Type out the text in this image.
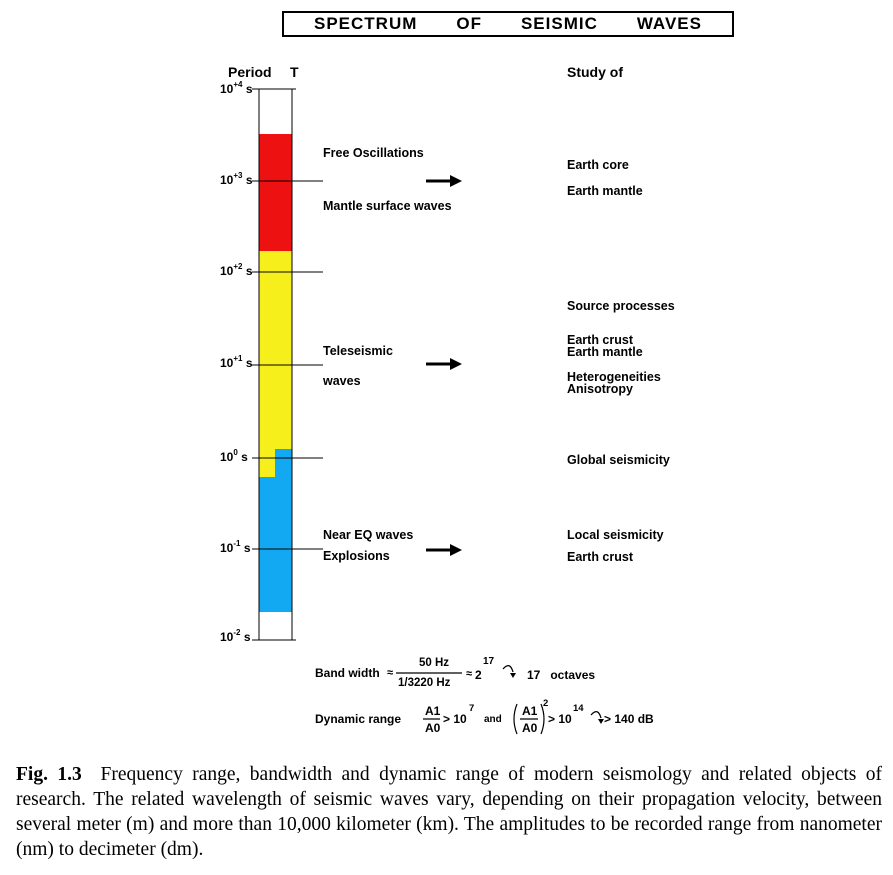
SPECTRUM OF SEISMIC WAVES
Period T	Study of
$10^{+4}$ s
$10^{+3}$ s
$10^{+2}$ s
$10^{+1}$ s
$10^0$ s
$10^{-1}$ s
$10^{-2}$ s
Free Oscillations
Mantle surface waves
Teleseismic
waves
Near EQ waves
Explosions
Earth core
Earth mantle
Source processes
Earth crust
Earth mantle
Heterogeneities
Anisotropy
Global seismicity
Local seismicity
Earth crust
Band width ≈
50 Hz
1/3220 Hz
≈ 2
17
17   octaves
Dynamic range
A1
A0
> 10
7
and
A1
A0
2
> 10
14
> 140 dB
Fig. 1.3 Frequency range, bandwidth and dynamic range of modern seismology and related objects of research. The related wavelength of seismic waves vary, depending on their propagation velocity, between several meter (m) and more than 10,000 kilometer (km). The amplitudes to be recorded range from nanometer (nm) to decimeter (dm).
